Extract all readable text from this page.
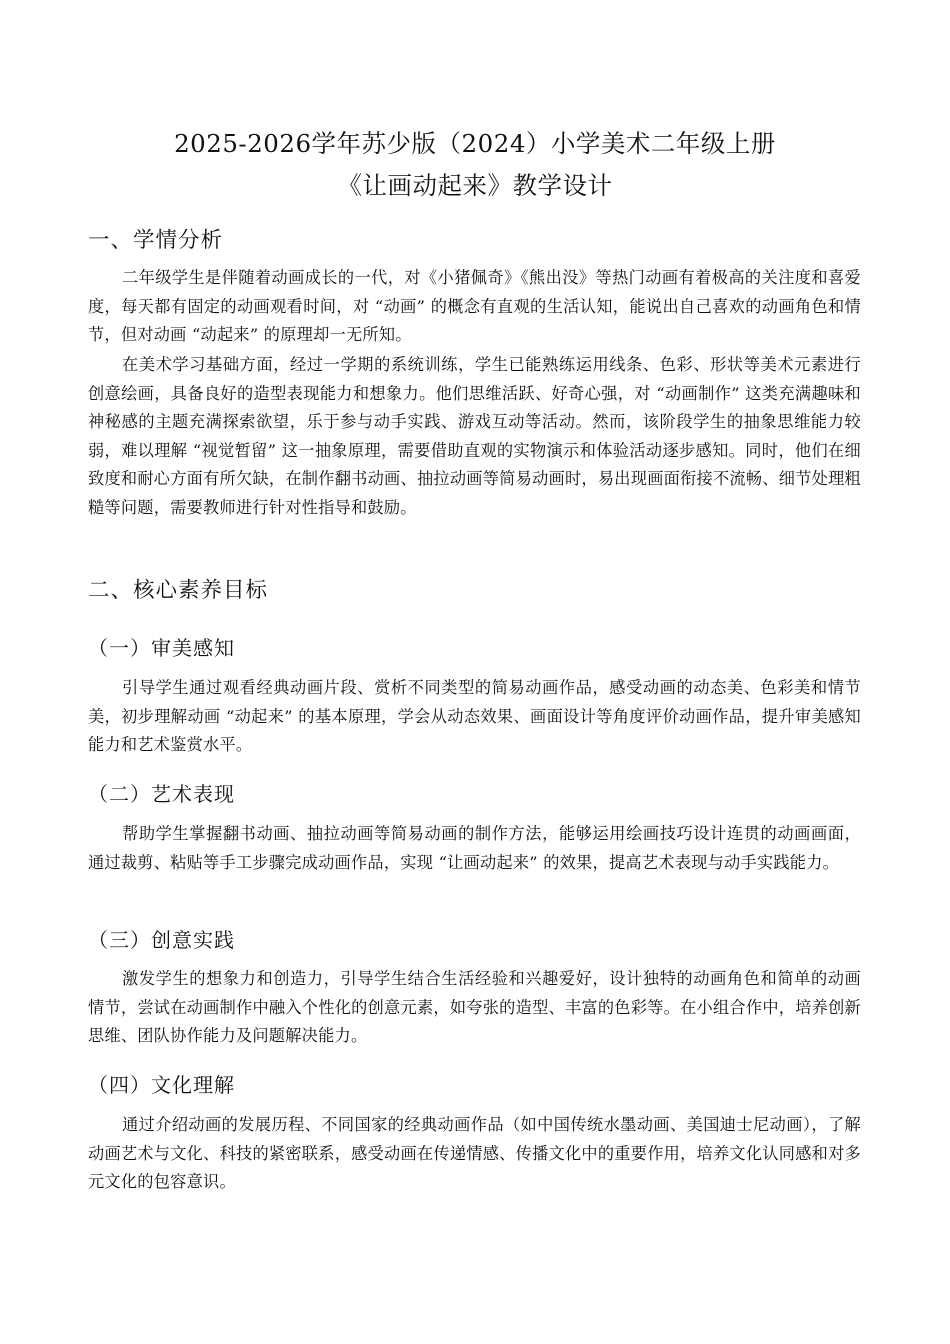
2025-2026学年苏少版（2024）小学美术二年级上册
《让画动起来》教学设计
一、学情分析

二年级学生是伴随着动画成长的一代，对《小猪佩奇》《熊出没》等热门动画有着极高的关注度和喜爱度，每天都有固定的动画观看时间，对 “动画” 的概念有直观的生活认知，能说出自己喜欢的动画角色和情节，但对动画 “动起来” 的原理却一无所知。

在美术学习基础方面，经过一学期的系统训练，学生已能熟练运用线条、色彩、形状等美术元素进行创意绘画，具备良好的造型表现能力和想象力。他们思维活跃、好奇心强，对 “动画制作” 这类充满趣味和神秘感的主题充满探索欲望，乐于参与动手实践、游戏互动等活动。然而，该阶段学生的抽象思维能力较弱，难以理解 “视觉暂留” 这一抽象原理，需要借助直观的实物演示和体验活动逐步感知。同时，他们在细致度和耐心方面有所欠缺，在制作翻书动画、抽拉动画等简易动画时，易出现画面衔接不流畅、细节处理粗糙等问题，需要教师进行针对性指导和鼓励。

二、核心素养目标
（一）审美感知

引导学生通过观看经典动画片段、赏析不同类型的简易动画作品，感受动画的动态美、色彩美和情节美，初步理解动画 “动起来” 的基本原理，学会从动态效果、画面设计等角度评价动画作品，提升审美感知能力和艺术鉴赏水平。

（二）艺术表现

帮助学生掌握翻书动画、抽拉动画等简易动画的制作方法，能够运用绘画技巧设计连贯的动画画面，通过裁剪、粘贴等手工步骤完成动画作品，实现 “让画动起来” 的效果，提高艺术表现与动手实践能力。

（三）创意实践

激发学生的想象力和创造力，引导学生结合生活经验和兴趣爱好，设计独特的动画角色和简单的动画情节，尝试在动画制作中融入个性化的创意元素，如夸张的造型、丰富的色彩等。在小组合作中，培养创新思维、团队协作能力及问题解决能力。

（四）文化理解

通过介绍动画的发展历程、不同国家的经典动画作品（如中国传统水墨动画、美国迪士尼动画），了解动画艺术与文化、科技的紧密联系，感受动画在传递情感、传播文化中的重要作用，培养文化认同感和对多元文化的包容意识。
